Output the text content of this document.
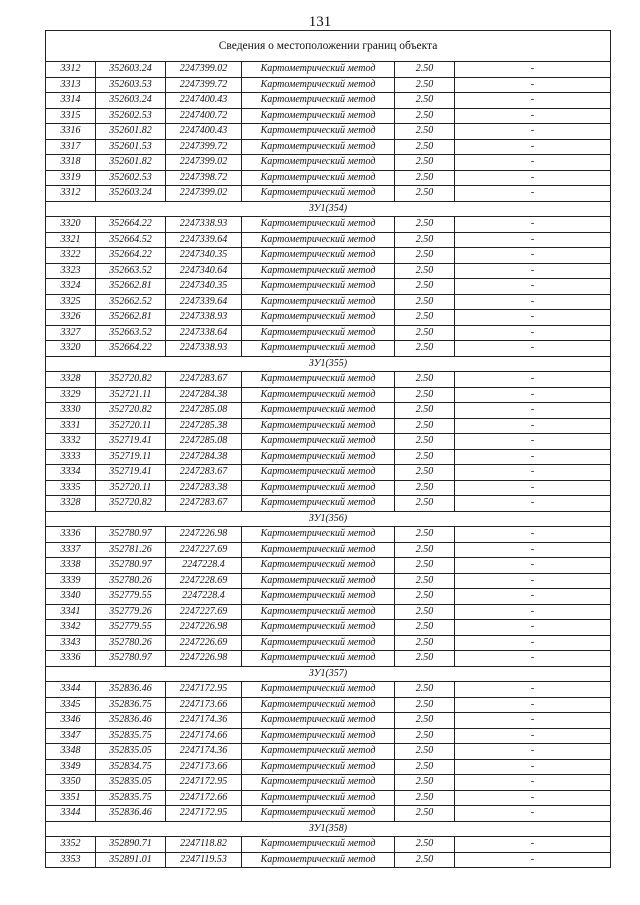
131
Сведения о местоположении границ объекта					
3312	352603.24	2247399.02	Картометрический метод	2.50	-
3313	352603.53	2247399.72	Картометрический метод	2.50	-
3314	352603.24	2247400.43	Картометрический метод	2.50	-
3315	352602.53	2247400.72	Картометрический метод	2.50	-
3316	352601.82	2247400.43	Картометрический метод	2.50	-
3317	352601.53	2247399.72	Картометрический метод	2.50	-
3318	352601.82	2247399.02	Картометрический метод	2.50	-
3319	352602.53	2247398.72	Картометрический метод	2.50	-
3312	352603.24	2247399.02	Картометрический метод	2.50	-
ЗУ1(354)					
3320	352664.22	2247338.93	Картометрический метод	2.50	-
3321	352664.52	2247339.64	Картометрический метод	2.50	-
3322	352664.22	2247340.35	Картометрический метод	2.50	-
3323	352663.52	2247340.64	Картометрический метод	2.50	-
3324	352662.81	2247340.35	Картометрический метод	2.50	-
3325	352662.52	2247339.64	Картометрический метод	2.50	-
3326	352662.81	2247338.93	Картометрический метод	2.50	-
3327	352663.52	2247338.64	Картометрический метод	2.50	-
3320	352664.22	2247338.93	Картометрический метод	2.50	-
ЗУ1(355)					
3328	352720.82	2247283.67	Картометрический метод	2.50	-
3329	352721.11	2247284.38	Картометрический метод	2.50	-
3330	352720.82	2247285.08	Картометрический метод	2.50	-
3331	352720.11	2247285.38	Картометрический метод	2.50	-
3332	352719.41	2247285.08	Картометрический метод	2.50	-
3333	352719.11	2247284.38	Картометрический метод	2.50	-
3334	352719.41	2247283.67	Картометрический метод	2.50	-
3335	352720.11	2247283.38	Картометрический метод	2.50	-
3328	352720.82	2247283.67	Картометрический метод	2.50	-
ЗУ1(356)					
3336	352780.97	2247226.98	Картометрический метод	2.50	-
3337	352781.26	2247227.69	Картометрический метод	2.50	-
3338	352780.97	2247228.4	Картометрический метод	2.50	-
3339	352780.26	2247228.69	Картометрический метод	2.50	-
3340	352779.55	2247228.4	Картометрический метод	2.50	-
3341	352779.26	2247227.69	Картометрический метод	2.50	-
3342	352779.55	2247226.98	Картометрический метод	2.50	-
3343	352780.26	2247226.69	Картометрический метод	2.50	-
3336	352780.97	2247226.98	Картометрический метод	2.50	-
ЗУ1(357)					
3344	352836.46	2247172.95	Картометрический метод	2.50	-
3345	352836.75	2247173.66	Картометрический метод	2.50	-
3346	352836.46	2247174.36	Картометрический метод	2.50	-
3347	352835.75	2247174.66	Картометрический метод	2.50	-
3348	352835.05	2247174.36	Картометрический метод	2.50	-
3349	352834.75	2247173.66	Картометрический метод	2.50	-
3350	352835.05	2247172.95	Картометрический метод	2.50	-
3351	352835.75	2247172.66	Картометрический метод	2.50	-
3344	352836.46	2247172.95	Картометрический метод	2.50	-
ЗУ1(358)					
3352	352890.71	2247118.82	Картометрический метод	2.50	-
3353	352891.01	2247119.53	Картометрический метод	2.50	-
